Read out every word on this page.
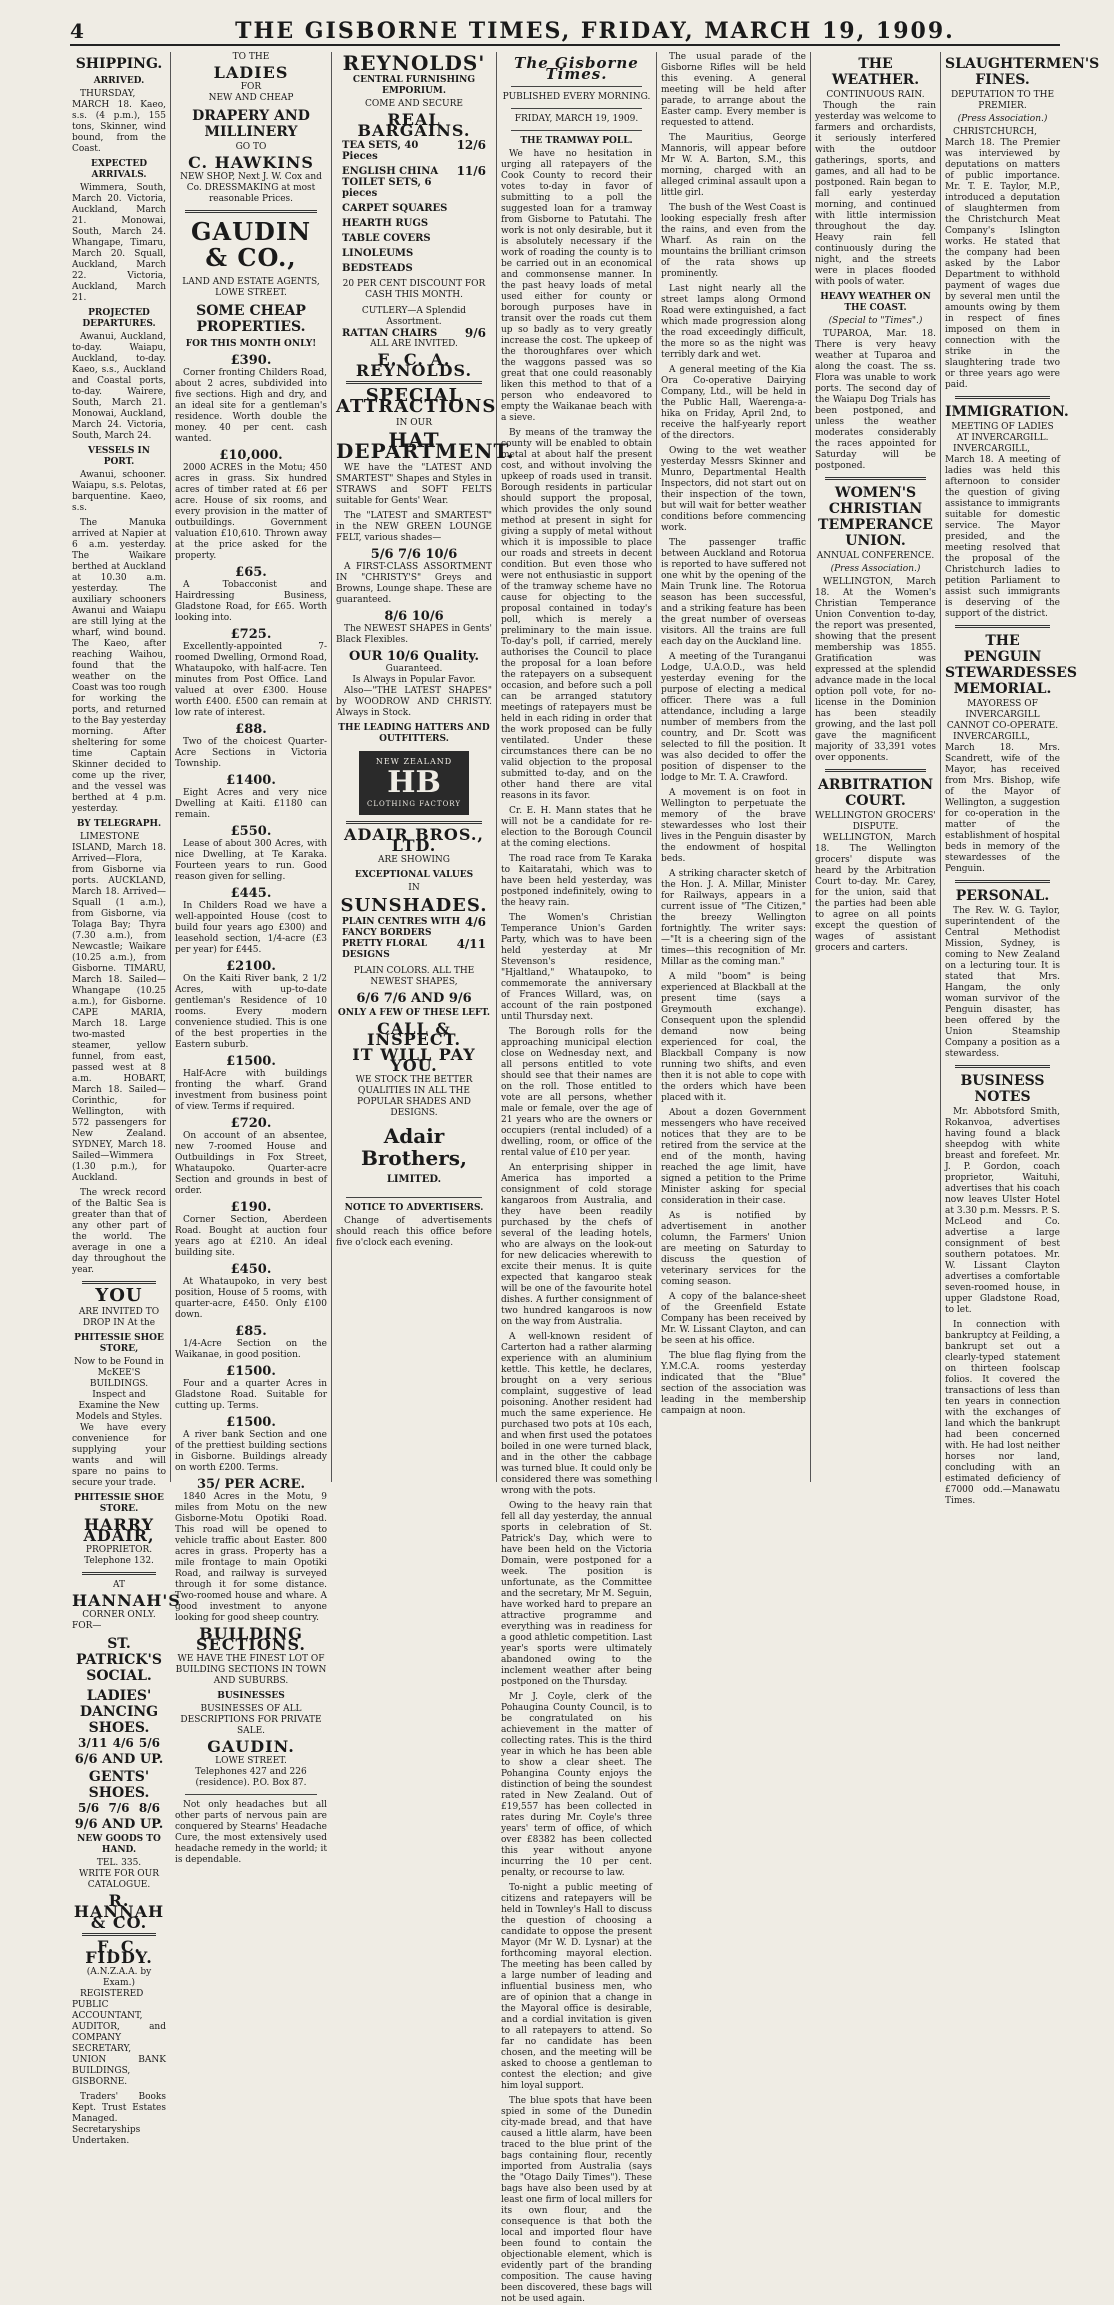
4	THE GISBORNE TIMES, FRIDAY, MARCH 19, 1909.
SHIPPING.
ARRIVED.

THURSDAY, MARCH 18. Kaeo, s.s. (4 p.m.), 155 tons, Skinner, wind bound, from the Coast.

EXPECTED ARRIVALS.

Wimmera, South, March 20. Victoria, Auckland, March 21. Monowai, South, March 24. Whangape, Timaru, March 20. Squall, Auckland, March 22. Victoria, Auckland, March 21.

PROJECTED DEPARTURES.

Awanui, Auckland, to-day. Waiapu, Auckland, to-day. Kaeo, s.s., Auckland and Coastal ports, to-day. Wairere, South, March 21. Monowai, Auckland, March 24. Victoria, South, March 24.

VESSELS IN PORT.

Awanui, schooner. Waiapu, s.s. Pelotas, barquentine. Kaeo, s.s.

The Manuka arrived at Napier at 6 a.m. yesterday. The Waikare berthed at Auckland at 10.30 a.m. yesterday. The auxiliary schooners Awanui and Waiapu are still lying at the wharf, wind bound. The Kaeo, after reaching Waihou, found that the weather on the Coast was too rough for working the ports, and returned to the Bay yesterday morning. After sheltering for some time Captain Skinner decided to come up the river, and the vessel was berthed at 4 p.m. yesterday.

BY TELEGRAPH.

LIMESTONE ISLAND, March 18. Arrived—Flora, from Gisborne via ports. AUCKLAND, March 18. Arrived—Squall (1 a.m.), from Gisborne, via Tolaga Bay; Thyra (7.30 a.m.), from Newcastle; Waikare (10.25 a.m.), from Gisborne. TIMARU, March 18. Sailed—Whangape (10.25 a.m.), for Gisborne. CAPE MARIA, March 18. Large two-masted steamer, yellow funnel, from east, passed west at 8 a.m. HOBART, March 18. Sailed—Corinthic, for Wellington, with 572 passengers for New Zealand. SYDNEY, March 18. Sailed—Wimmera (1.30 p.m.), for Auckland.

The wreck record of the Baltic Sea is greater than that of any other part of the world. The average in one a day throughout the year.

YOU
ARE INVITED TO DROP IN At the
PHITESSIE SHOE STORE,
Now to be Found in McKEE'S BUILDINGS.
Inspect and Examine the New Models and Styles.

We have every convenience for supplying your wants and will spare no pains to secure your trade.

PHITESSIE SHOE STORE.
HARRY ADAIR,
PROPRIETOR.
Telephone 132.
AT
HANNAH'S
CORNER ONLY.
FOR—
ST. PATRICK'S SOCIAL.
LADIES' DANCING SHOES.
3/11 4/6 5/6
6/6 AND UP.
GENTS' SHOES.
5/6 7/6 8/6
9/6 AND UP.
NEW GOODS TO HAND.
TEL. 335.
WRITE FOR OUR CATALOGUE.
R. HANNAH & CO.
F. C. FIDDY.
(A.N.Z.A.A. by Exam.)

REGISTERED PUBLIC ACCOUNTANT, AUDITOR, and COMPANY SECRETARY, UNION BANK BUILDINGS, GISBORNE.

Traders' Books Kept. Trust Estates Managed. Secretaryships Undertaken.

TO THE
LADIES
FOR
NEW AND CHEAP
DRAPERY AND MILLINERY
GO TO
C. HAWKINS
NEW SHOP, Next J. W. Cox and Co. DRESSMAKING at most reasonable Prices.
GAUDIN & CO.,
LAND AND ESTATE AGENTS, LOWE STREET.
SOME CHEAP PROPERTIES.
FOR THIS MONTH ONLY!
£390.

Corner fronting Childers Road, about 2 acres, subdivided into five sections. High and dry, and an ideal site for a gentleman's residence. Worth double the money. 40 per cent. cash wanted.

£10,000.

2000 ACRES in the Motu; 450 acres in grass. Six hundred acres of timber rated at £6 per acre. House of six rooms, and every provision in the matter of outbuildings. Government valuation £10,610. Thrown away at the price asked for the property.

£65.

A Tobacconist and Hairdressing Business, Gladstone Road, for £65. Worth looking into.

£725.

Excellently-appointed 7-roomed Dwelling, Ormond Road, Whataupoko, with half-acre. Ten minutes from Post Office. Land valued at over £300. House worth £400. £500 can remain at low rate of interest.

£88.

Two of the choicest Quarter-Acre Sections in Victoria Township.

£1400.

Eight Acres and very nice Dwelling at Kaiti. £1180 can remain.

£550.

Lease of about 300 Acres, with nice Dwelling, at Te Karaka. Fourteen years to run. Good reason given for selling.

£445.

In Childers Road we have a well-appointed House (cost to build four years ago £300) and leasehold section, 1/4-acre (£3 per year) for £445.

£2100.

On the Kaiti River bank, 2 1/2 Acres, with up-to-date gentleman's Residence of 10 rooms. Every modern convenience studied. This is one of the best properties in the Eastern suburb.

£1500.

Half-Acre with buildings fronting the wharf. Grand investment from business point of view. Terms if required.

£720.

On account of an absentee, new 7-roomed House and Outbuildings in Fox Street, Whataupoko. Quarter-acre Section and grounds in best of order.

£190.

Corner Section, Aberdeen Road. Bought at auction four years ago at £210. An ideal building site.

£450.

At Whataupoko, in very best position, House of 5 rooms, with quarter-acre, £450. Only £100 down.

£85.

1/4-Acre Section on the Waikanae, in good position.

£1500.

Four and a quarter Acres in Gladstone Road. Suitable for cutting up. Terms.

£1500.

A river bank Section and one of the prettiest building sections in Gisborne. Buildings already on worth £200. Terms.

35/ PER ACRE.

1840 Acres in the Motu, 9 miles from Motu on the new Gisborne-Motu Opotiki Road. This road will be opened to vehicle traffic about Easter. 800 acres in grass. Property has a mile frontage to main Opotiki Road, and railway is surveyed through it for some distance. Two-roomed house and whare. A good investment to anyone looking for good sheep country.

BUILDING SECTIONS.
WE HAVE THE FINEST LOT OF BUILDING SECTIONS IN TOWN AND SUBURBS.
BUSINESSES
BUSINESSES OF ALL DESCRIPTIONS FOR PRIVATE SALE.
GAUDIN.
LOWE STREET.
Telephones 427 and 226 (residence). P.O. Box 87.

Not only headaches but all other parts of nervous pain are conquered by Stearns' Headache Cure, the most extensively used headache remedy in the world; it is dependable.

REYNOLDS'
CENTRAL FURNISHING EMPORIUM.
COME AND SECURE
REAL BARGAINS.
TEA SETS, 40 Pieces
12/6
ENGLISH CHINA TOILET SETS, 6 pieces
11/6
CARPET SQUARES
HEARTH RUGS
TABLE COVERS
LINOLEUMS
BEDSTEADS
20 PER CENT DISCOUNT FOR CASH THIS MONTH.
CUTLERY—A Splendid Assortment.
RATTAN CHAIRS 9/6
ALL ARE INVITED.
E. C. A. REYNOLDS.
SPECIAL ATTRACTIONS
IN OUR
HAT DEPARTMENT.

WE have the "LATEST AND SMARTEST" Shapes and Styles in STRAWS and SOFT FELTS suitable for Gents' Wear.

The "LATEST and SMARTEST" in the NEW GREEN LOUNGE FELT, various shades—

5/6 7/6 10/6

A FIRST-CLASS ASSORTMENT IN "CHRISTY'S" Greys and Browns, Lounge shape. These are guaranteed.

8/6 10/6

The NEWEST SHAPES in Gents' Black Flexibles.

OUR 10/6 Quality.
Guaranteed.
Is Always in Popular Favor.

Also—"THE LATEST SHAPES" by WOODROW AND CHRISTY. Always in Stock.

THE LEADING HATTERS AND OUTFITTERS.
NEW ZEALAND
HB
CLOTHING FACTORY
ADAIR BROS., LTD.
ARE SHOWING
EXCEPTIONAL VALUES
IN
SUNSHADES.
PLAIN CENTRES WITH FANCY BORDERS
4/6
PRETTY FLORAL DESIGNS
4/11
PLAIN COLORS. ALL THE NEWEST SHAPES,
6/6 7/6 AND 9/6
ONLY A FEW OF THESE LEFT.
CALL & INSPECT.
IT WILL PAY YOU.
WE STOCK THE BETTER QUALITIES IN ALL THE POPULAR SHADES AND DESIGNS.
Adair
Brothers,
LIMITED.
NOTICE TO ADVERTISERS.

Change of advertisements should reach this office before five o'clock each evening.

The Gisborne Times.
PUBLISHED EVERY MORNING.
FRIDAY, MARCH 19, 1909.
THE TRAMWAY POLL.

We have no hesitation in urging all ratepayers of the Cook County to record their votes to-day in favor of submitting to a poll the suggested loan for a tramway from Gisborne to Patutahi. The work is not only desirable, but it is absolutely necessary if the work of roading the county is to be carried out in an economical and commonsense manner. In the past heavy loads of metal used either for county or borough purposes have in transit over the roads cut them up so badly as to very greatly increase the cost. The upkeep of the thoroughfares over which the waggons passed was so great that one could reasonably liken this method to that of a person who endeavored to empty the Waikanae beach with a sieve.

By means of the tramway the county will be enabled to obtain metal at about half the present cost, and without involving the upkeep of roads used in transit. Borough residents in particular should support the proposal, which provides the only sound method at present in sight for giving a supply of metal without which it is impossible to place our roads and streets in decent condition. But even those who were not enthusiastic in support of the tramway scheme have no cause for objecting to the proposal contained in today's poll, which is merely a preliminary to the main issue. To-day's poll, if carried, merely authorises the Council to place the proposal for a loan before the ratepayers on a subsequent occasion, and before such a poll can be arranged statutory meetings of ratepayers must be held in each riding in order that the work proposed can be fully ventilated. Under these circumstances there can be no valid objection to the proposal submitted to-day, and on the other hand there are vital reasons in its favor.

Cr. E. H. Mann states that he will not be a candidate for re-election to the Borough Council at the coming elections.

The road race from Te Karaka to Kaitaratahi, which was to have been held yesterday, was postponed indefinitely, owing to the heavy rain.

The Women's Christian Temperance Union's Garden Party, which was to have been held yesterday at Mr Stevenson's residence, "Hjaltland," Whataupoko, to commemorate the anniversary of Frances Willard, was, on account of the rain postponed until Thursday next.

The Borough rolls for the approaching municipal election close on Wednesday next, and all persons entitled to vote should see that their names are on the roll. Those entitled to vote are all persons, whether male or female, over the age of 21 years who are the owners or occupiers (rental included) of a dwelling, room, or office of the rental value of £10 per year.

An enterprising shipper in America has imported a consignment of cold storage kangaroos from Australia, and they have been readily purchased by the chefs of several of the leading hotels, who are always on the look-out for new delicacies wherewith to excite their menus. It is quite expected that kangaroo steak will be one of the favourite hotel dishes. A further consignment of two hundred kangaroos is now on the way from Australia.

A well-known resident of Carterton had a rather alarming experience with an aluminium kettle. This kettle, he declares, brought on a very serious complaint, suggestive of lead poisoning. Another resident had much the same experience. He purchased two pots at 10s each, and when first used the potatoes boiled in one were turned black, and in the other the cabbage was turned blue. It could only be considered there was something wrong with the pots.

Owing to the heavy rain that fell all day yesterday, the annual sports in celebration of St. Patrick's Day, which were to have been held on the Victoria Domain, were postponed for a week. The position is unfortunate, as the Committee and the secretary, Mr M. Seguin, have worked hard to prepare an attractive programme and everything was in readiness for a good athletic competition. Last year's sports were ultimately abandoned owing to the inclement weather after being postponed on the Thursday.

Mr J. Coyle, clerk of the Pohaugina County Council, is to be congratulated on his achievement in the matter of collecting rates. This is the third year in which he has been able to show a clear sheet. The Pohangina County enjoys the distinction of being the soundest rated in New Zealand. Out of £19,557 has been collected in rates during Mr. Coyle's three years' term of office, of which over £8382 has been collected this year without anyone incurring the 10 per cent. penalty, or recourse to law.

To-night a public meeting of citizens and ratepayers will be held in Townley's Hall to discuss the question of choosing a candidate to oppose the present Mayor (Mr W. D. Lysnar) at the forthcoming mayoral election. The meeting has been called by a large number of leading and influential business men, who are of opinion that a change in the Mayoral office is desirable, and a cordial invitation is given to all ratepayers to attend. So far no candidate has been chosen, and the meeting will be asked to choose a gentleman to contest the election; and give him loyal support.

The blue spots that have been spied in some of the Dunedin city-made bread, and that have caused a little alarm, have been traced to the blue print of the bags containing flour, recently imported from Australia (says the "Otago Daily Times"). These bags have also been used by at least one firm of local millers for its own flour, and the consequence is that both the local and imported flour have been found to contain the objectionable element, which is evidently part of the branding composition. The cause having been discovered, these bags will not be used again.

The usual parade of the Gisborne Rifles will be held this evening. A general meeting will be held after parade, to arrange about the Easter camp. Every member is requested to attend.

The Mauritius, George Mannoris, will appear before Mr W. A. Barton, S.M., this morning, charged with an alleged criminal assault upon a little girl.

The bush of the West Coast is looking especially fresh after the rains, and even from the Wharf. As rain on the mountains the brilliant crimson of the rata shows up prominently.

Last night nearly all the street lamps along Ormond Road were extinguished, a fact which made progression along the road exceedingly difficult, the more so as the night was terribly dark and wet.

A general meeting of the Kia Ora Co-operative Dairying Company, Ltd., will be held in the Public Hall, Waerenga-a-hika on Friday, April 2nd, to receive the half-yearly report of the directors.

Owing to the wet weather yesterday Messrs Skinner and Munro, Departmental Health Inspectors, did not start out on their inspection of the town, but will wait for better weather conditions before commencing work.

The passenger traffic between Auckland and Rotorua is reported to have suffered not one whit by the opening of the Main Trunk line. The Rotorua season has been successful, and a striking feature has been the great number of overseas visitors. All the trains are full each day on the Auckland line.

A meeting of the Turanganui Lodge, U.A.O.D., was held yesterday evening for the purpose of electing a medical officer. There was a full attendance, including a large number of members from the country, and Dr. Scott was selected to fill the position. It was also decided to offer the position of dispenser to the lodge to Mr. T. A. Crawford.

A movement is on foot in Wellington to perpetuate the memory of the brave stewardesses who lost their lives in the Penguin disaster by the endowment of hospital beds.

A striking character sketch of the Hon. J. A. Millar, Minister for Railways, appears in a current issue of "The Citizen," the breezy Wellington fortnightly. The writer says:—"It is a cheering sign of the times—this recognition of Mr. Millar as the coming man."

A mild "boom" is being experienced at Blackball at the present time (says a Greymouth exchange). Consequent upon the splendid demand now being experienced for coal, the Blackball Company is now running two shifts, and even then it is not able to cope with the orders which have been placed with it.

About a dozen Government messengers who have received notices that they are to be retired from the service at the end of the month, having reached the age limit, have signed a petition to the Prime Minister asking for special consideration in their case.

As is notified by advertisement in another column, the Farmers' Union are meeting on Saturday to discuss the question of veterinary services for the coming season.

A copy of the balance-sheet of the Greenfield Estate Company has been received by Mr. W. Lissant Clayton, and can be seen at his office.

The blue flag flying from the Y.M.C.A. rooms yesterday indicated that the "Blue" section of the association was leading in the membership campaign at noon.

THE WEATHER.
CONTINUOUS RAIN.

Though the rain yesterday was welcome to farmers and orchardists, it seriously interfered with the outdoor gatherings, sports, and games, and all had to be postponed. Rain began to fall early yesterday morning, and continued with little intermission throughout the day. Heavy rain fell continuously during the night, and the streets were in places flooded with pools of water.

HEAVY WEATHER ON THE COAST.
(Special to "Times".)

TUPAROA, Mar. 18. There is very heavy weather at Tuparoa and along the coast. The ss. Flora was unable to work ports. The second day of the Waiapu Dog Trials has been postponed, and unless the weather moderates considerably the races appointed for Saturday will be postponed.

WOMEN'S CHRISTIAN TEMPERANCE UNION.
ANNUAL CONFERENCE.
(Press Association.)

WELLINGTON, March 18. At the Women's Christian Temperance Union Convention to-day, the report was presented, showing that the present membership was 1855. Gratification was expressed at the splendid advance made in the local option poll vote, for no-license in the Dominion has been steadily growing, and the last poll gave the magnificent majority of 33,391 votes over opponents.

ARBITRATION COURT.
WELLINGTON GROCERS' DISPUTE.

WELLINGTON, March 18. The Wellington grocers' dispute was heard by the Arbitration Court to-day. Mr. Carey, for the union, said that the parties had been able to agree on all points except the question of wages of assistant grocers and carters.

SLAUGHTERMEN'S FINES.
DEPUTATION TO THE PREMIER.
(Press Association.)

CHRISTCHURCH, March 18. The Premier was interviewed by deputations on matters of public importance. Mr. T. E. Taylor, M.P., introduced a deputation of slaughtermen from the Christchurch Meat Company's Islington works. He stated that the company had been asked by the Labor Department to withhold payment of wages due by several men until the amounts owing by them in respect of fines imposed on them in connection with the strike in the slaughtering trade two or three years ago were paid.

IMMIGRATION.
MEETING OF LADIES AT INVERCARGILL.

INVERCARGILL, March 18. A meeting of ladies was held this afternoon to consider the question of giving assistance to immigrants suitable for domestic service. The Mayor presided, and the meeting resolved that the proposal of the Christchurch ladies to petition Parliament to assist such immigrants is deserving of the support of the district.

THE PENGUIN STEWARDESSES MEMORIAL.
MAYORESS OF INVERCARGILL CANNOT CO-OPERATE.

INVERCARGILL, March 18. Mrs. Scandrett, wife of the Mayor, has received from Mrs. Bishop, wife of the Mayor of Wellington, a suggestion for co-operation in the matter of the establishment of hospital beds in memory of the stewardesses of the Penguin.

PERSONAL.

The Rev. W. G. Taylor, superintendent of the Central Methodist Mission, Sydney, is coming to New Zealand on a lecturing tour. It is stated that Mrs. Hangam, the only woman survivor of the Penguin disaster, has been offered by the Union Steamship Company a position as a stewardess.

BUSINESS NOTES

Mr. Abbotsford Smith, Rokanvoa, advertises having found a black sheepdog with white breast and forefeet. Mr. J. P. Gordon, coach proprietor, Waituhi, advertises that his coach now leaves Ulster Hotel at 3.30 p.m. Messrs. P. S. McLeod and Co. advertise a large consignment of best southern potatoes. Mr. W. Lissant Clayton advertises a comfortable seven-roomed house, in upper Gladstone Road, to let.

In connection with bankruptcy at Feilding, a bankrupt set out a clearly-typed statement on thirteen foolscap folios. It covered the transactions of less than ten years in connection with the exchanges of land which the bankrupt had been concerned with. He had lost neither horses nor land, concluding with an estimated deficiency of £7000 odd.—Manawatu Times.
